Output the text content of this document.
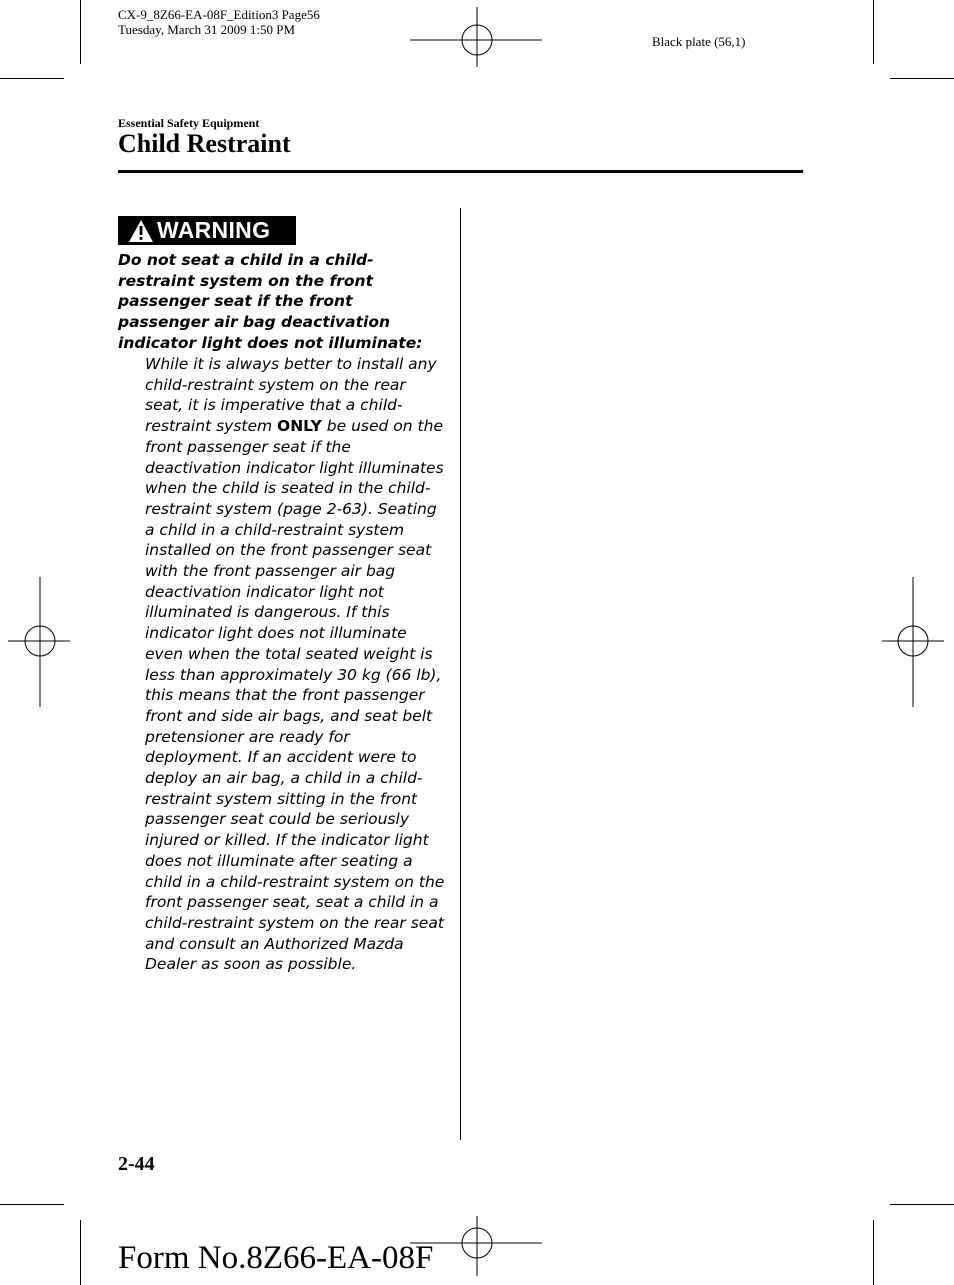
CX-9_8Z66-EA-08F_Edition3 Page56
Tuesday, March 31 2009 1:50 PM
Black plate (56,1)
Essential Safety Equipment
Child Restraint
WARNING

Do not seat a child in a child-restraint system on the front passenger seat if the front passenger air bag deactivation indicator light does not illuminate:

While it is always better to install any child-restraint system on the rear seat, it is imperative that a child-restraint system ONLY be used on the front passenger seat if the deactivation indicator light illuminates when the child is seated in the child-restraint system (page 2-63). Seating a child in a child-restraint system installed on the front passenger seat with the front passenger air bag deactivation indicator light not illuminated is dangerous. If this indicator light does not illuminate even when the total seated weight is less than approximately 30 kg (66 lb), this means that the front passenger front and side air bags, and seat belt pretensioner are ready for deployment. If an accident were to deploy an air bag, a child in a child-restraint system sitting in the front passenger seat could be seriously injured or killed. If the indicator light does not illuminate after seating a child in a child-restraint system on the front passenger seat, seat a child in a child-restraint system on the rear seat and consult an Authorized Mazda Dealer as soon as possible.

2-44
Form No.8Z66-EA-08F
